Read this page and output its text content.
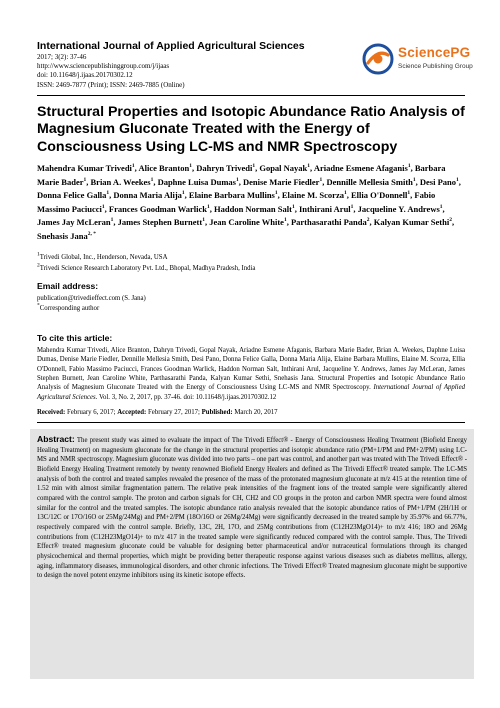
International Journal of Applied Agricultural Sciences

2017; 3(2): 37-46

http://www.sciencepublishinggroup.com/j/ijaas

doi: 10.11648/j.ijaas.20170302.12

ISSN: 2469-7877 (Print); ISSN: 2469-7885 (Online)

SciencePG
Science Publishing Group
Structural Properties and Isotopic Abundance Ratio Analysis of Magnesium Gluconate Treated with the Energy of Consciousness Using LC-MS and NMR Spectroscopy

Mahendra Kumar Trivedi$^1$, Alice Branton$^1$, Dahryn Trivedi$^1$, Gopal Nayak$^1$, Ariadne Esmene Afaganis$^1$, Barbara Marie Bader$^1$, Brian A. Weekes$^1$, Daphne Luisa Dumas$^1$, Denise Marie Fiedler$^1$, Dennille Mellesia Smith$^1$, Desi Pano$^1$, Donna Felice Galla$^1$, Donna Maria Alija$^1$, Elaine Barbara Mullins$^1$, Elaine M. Scorza$^1$, Ellia O'Donnell$^1$, Fabio Massimo Paciucci$^1$, Frances Goodman Warlick$^1$, Haddon Norman Salt$^1$, Inthirani Arul$^1$, Jacqueline Y. Andrews$^1$, James Jay McLeran$^1$, James Stephen Burnett$^1$, Jean Caroline White$^1$, Parthasarathi Panda$^2$, Kalyan Kumar Sethi$^2$, Snehasis Jana$^{2, *}$

$^1$Trivedi Global, Inc., Henderson, Nevada, USA

$^2$Trivedi Science Research Laboratory Pvt. Ltd., Bhopal, Madhya Pradesh, India

Email address:

publication@trivedieffect.com (S. Jana)

*Corresponding author

To cite this article:

Mahendra Kumar Trivedi, Alice Branton, Dahryn Trivedi, Gopal Nayak, Ariadne Esmene Afaganis, Barbara Marie Bader, Brian A. Weekes, Daphne Luisa Dumas, Denise Marie Fiedler, Dennille Mellesia Smith, Desi Pano, Donna Felice Galla, Donna Maria Alija, Elaine Barbara Mullins, Elaine M. Scorza, Ellia O'Donnell, Fabio Massimo Paciucci, Frances Goodman Warlick, Haddon Norman Salt, Inthirani Arul, Jacqueline Y. Andrews, James Jay McLeran, James Stephen Burnett, Jean Caroline White, Parthasarathi Panda, Kalyan Kumar Sethi, Snehasis Jana. Structural Properties and Isotopic Abundance Ratio Analysis of Magnesium Gluconate Treated with the Energy of Consciousness Using LC-MS and NMR Spectroscopy. International Journal of Applied Agricultural Sciences. Vol. 3, No. 2, 2017, pp. 37-46. doi: 10.11648/j.ijaas.20170302.12

Received: February 6, 2017; Accepted: February 27, 2017; Published: March 20, 2017

Abstract: The present study was aimed to evaluate the impact of The Trivedi Effect® - Energy of Consciousness Healing Treatment (Biofield Energy Healing Treatment) on magnesium gluconate for the change in the structural properties and isotopic abundance ratio (PM+1/PM and PM+2/PM) using LC-MS and NMR spectroscopy. Magnesium gluconate was divided into two parts – one part was control, and another part was treated with The Trivedi Effect® - Biofield Energy Healing Treatment remotely by twenty renowned Biofield Energy Healers and defined as The Trivedi Effect® treated sample. The LC-MS analysis of both the control and treated samples revealed the presence of the mass of the protonated magnesium gluconate at m/z 415 at the retention time of 1.52 min with almost similar fragmentation pattern. The relative peak intensities of the fragment ions of the treated sample were significantly altered compared with the control sample. The proton and carbon signals for CH, CH2 and CO groups in the proton and carbon NMR spectra were found almost similar for the control and the treated samples. The isotopic abundance ratio analysis revealed that the isotopic abundance ratios of PM+1/PM (2H/1H or 13C/12C or 17O/16O or 25Mg/24Mg) and PM+2/PM (18O/16O or 26Mg/24Mg) were significantly decreased in the treated sample by 35.97% and 66.77%, respectively compared with the control sample. Briefly, 13C, 2H, 17O, and 25Mg contributions from (C12H23MgO14)+ to m/z 416; 18O and 26Mg contributions from (C12H23MgO14)+ to m/z 417 in the treated sample were significantly reduced compared with the control sample. Thus, The Trivedi Effect® treated magnesium gluconate could be valuable for designing better pharmaceutical and/or nutraceutical formulations through its changed physicochemical and thermal properties, which might be providing better therapeutic response against various diseases such as diabetes mellitus, allergy, aging, inflammatory diseases, immunological disorders, and other chronic infections. The Trivedi Effect® Treated magnesium gluconate might be supportive to design the novel potent enzyme inhibitors using its kinetic isotope effects.
